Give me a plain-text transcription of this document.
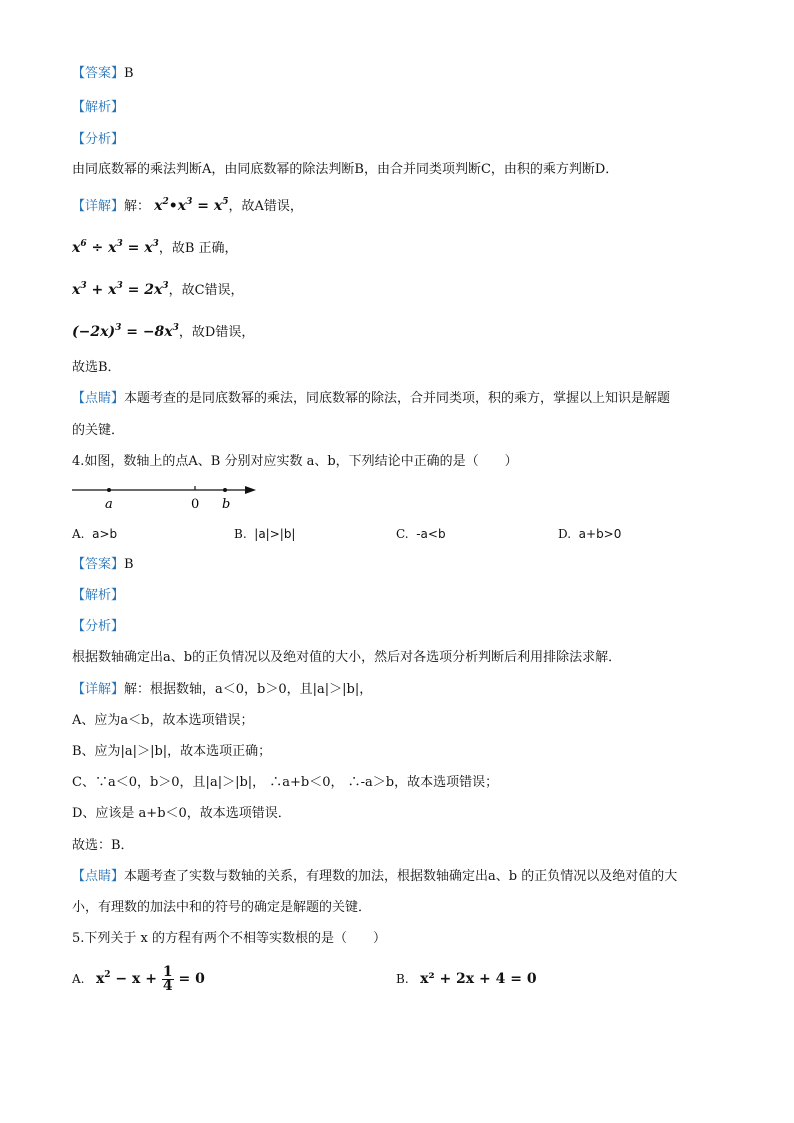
【答案】B
【解析】
【分析】
由同底数幂的乘法判断A，由同底数幂的除法判断B，由合并同类项判断C，由积的乘方判断D．
【详解】解： $x^2•x^3 = x^5$，故A错误，
$x^6 \div x^3 = x^3$，故B 正确，
$x^3 + x^3 = 2x^3$，故C错误，
$(-2x)^3 = -8x^3$，故D错误，
故选B．
【点睛】本题考查的是同底数幂的乘法，同底数幂的除法，合并同类项，积的乘方，掌握以上知识是解题
的关键．
4.如图，数轴上的点A、B 分别对应实数 a、b，下列结论中正确的是（　　）
a	0 b
A. a>b	B. |a|>|b|	C. -a<b	D. a+b>0
【答案】B
【解析】
【分析】
根据数轴确定出a、b的正负情况以及绝对值的大小，然后对各选项分析判断后利用排除法求解．
【详解】解：根据数轴，a＜0，b＞0，且|a|＞|b|，
A、应为a＜b，故本选项错误；
B、应为|a|＞|b|，故本选项正确；
C、∵a＜0，b＞0，且|a|＞|b|， ∴a+b＜0， ∴-a＞b，故本选项错误；
D、应该是 a+b＜0，故本选项错误．
故选：B．
【点睛】本题考查了实数与数轴的关系，有理数的加法，根据数轴确定出a、b 的正负情况以及绝对值的大
小，有理数的加法中和的符号的确定是解题的关键．
5.下列关于 x 的方程有两个不相等实数根的是（　　）
A. $x^2 - x + \frac{1}{4} = 0$	B. x² + 2x + 4 = 0
